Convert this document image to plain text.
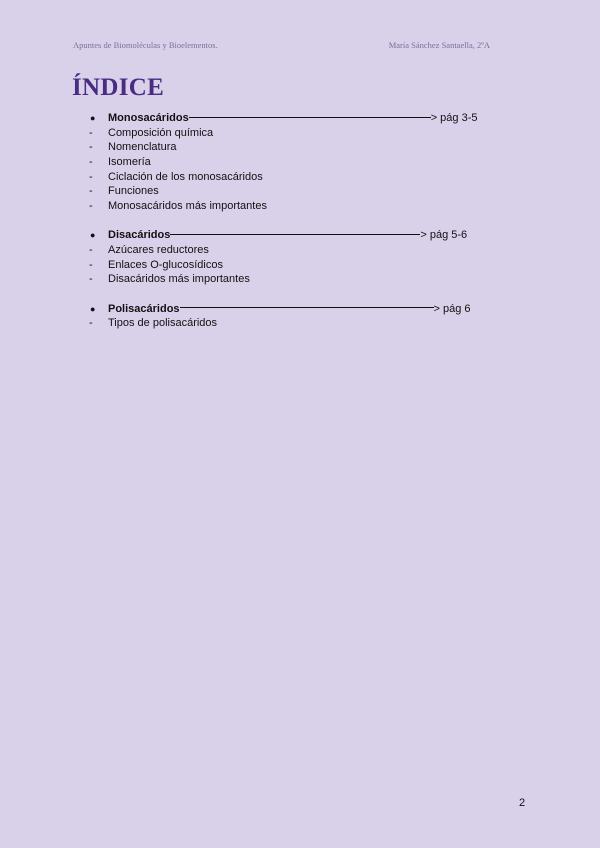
Apuntes de Biomoléculas y Bioelementos.	María Sánchez Santaella, 2ºA
ÍNDICE
● Monosacáridos	> pág 3-5
- Composición química
- Nomenclatura
- Isomería
- Ciclación de los monosacáridos
- Funciones
- Monosacáridos más importantes
● Disacáridos	> pág 5-6
- Azúcares reductores
- Enlaces O-glucosídicos
- Disacáridos más importantes
● Polisacáridos	> pág 6
- Tipos de polisacáridos
2
